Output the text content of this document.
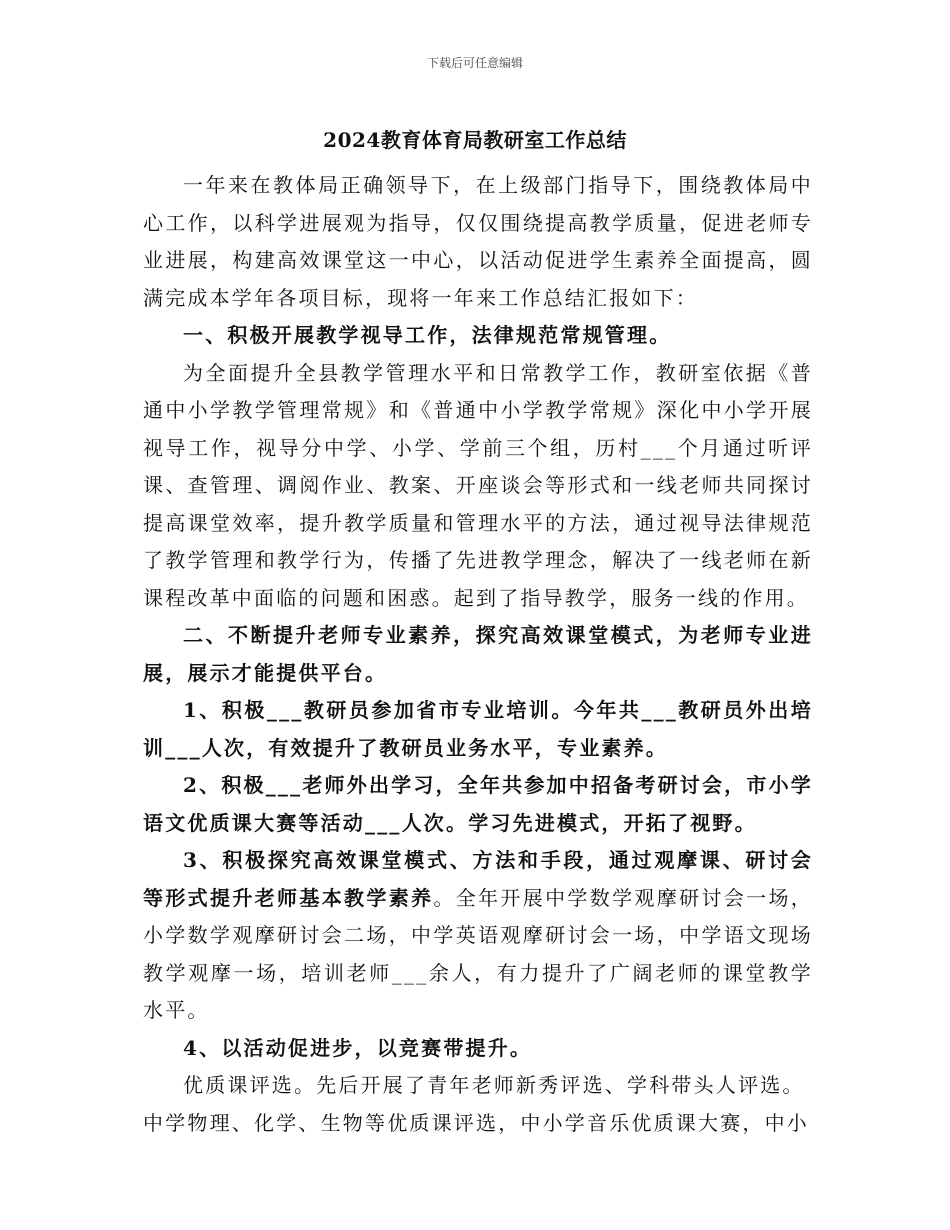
下载后可任意编辑
2024教育体育局教研室工作总结

一年来在教体局正确领导下，在上级部门指导下，围绕教体局中心工作，以科学进展观为指导，仅仅围绕提高教学质量，促进老师专业进展，构建高效课堂这一中心，以活动促进学生素养全面提高，圆满完成本学年各项目标，现将一年来工作总结汇报如下：

一、积极开展教学视导工作，法律规范常规管理。

为全面提升全县教学管理水平和日常教学工作，教研室依据《普通中小学教学管理常规》和《普通中小学教学常规》深化中小学开展视导工作，视导分中学、小学、学前三个组，历村___个月通过听评课、查管理、调阅作业、教案、开座谈会等形式和一线老师共同探讨提高课堂效率，提升教学质量和管理水平的方法，通过视导法律规范了教学管理和教学行为，传播了先进教学理念，解决了一线老师在新课程改革中面临的问题和困惑。起到了指导教学，服务一线的作用。

二、不断提升老师专业素养，探究高效课堂模式，为老师专业进展，展示才能提供平台。

1、积极___教研员参加省市专业培训。今年共___教研员外出培训___人次，有效提升了教研员业务水平，专业素养。

2、积极___老师外出学习，全年共参加中招备考研讨会，市小学语文优质课大赛等活动___人次。学习先进模式，开拓了视野。

3、积极探究高效课堂模式、方法和手段，通过观摩课、研讨会等形式提升老师基本教学素养。全年开展中学数学观摩研讨会一场，小学数学观摩研讨会二场，中学英语观摩研讨会一场，中学语文现场教学观摩一场，培训老师___余人，有力提升了广阔老师的课堂教学水平。

4、以活动促进步，以竞赛带提升。

优质课评选。先后开展了青年老师新秀评选、学科带头人评选。

中学物理、化学、生物等优质课评选，中小学音乐优质课大赛，中小
